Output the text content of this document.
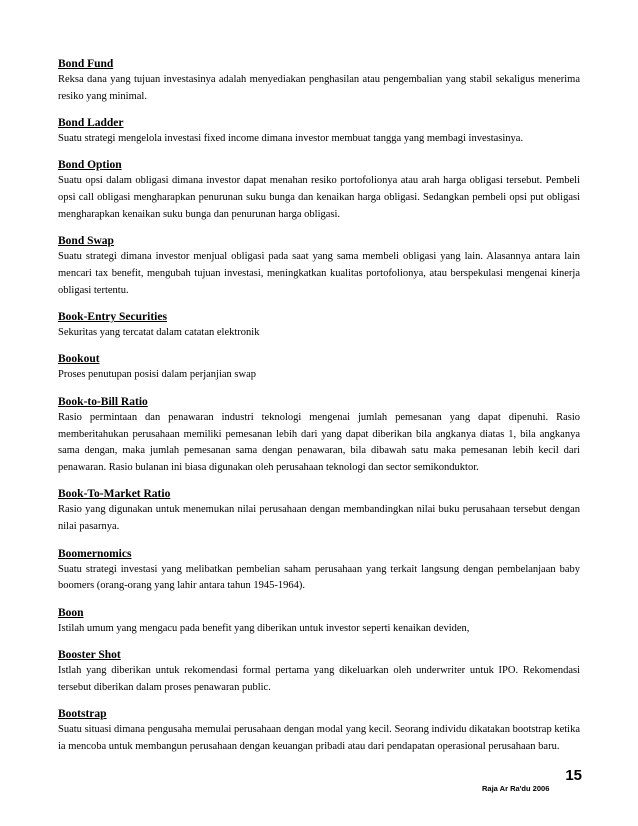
Bond Fund

Reksa dana yang tujuan investasinya adalah menyediakan penghasilan atau pengembalian yang stabil sekaligus menerima resiko yang minimal.

Bond Ladder

Suatu strategi mengelola investasi fixed income dimana investor membuat tangga yang membagi investasinya.

Bond Option

Suatu opsi dalam obligasi dimana investor dapat menahan resiko portofolionya atau arah harga obligasi tersebut. Pembeli opsi call obligasi mengharapkan penurunan suku bunga dan kenaikan harga obligasi. Sedangkan pembeli opsi put obligasi mengharapkan kenaikan suku bunga dan penurunan harga obligasi.

Bond Swap

Suatu strategi dimana investor menjual obligasi pada saat yang sama membeli obligasi yang lain. Alasannya antara lain mencari tax benefit, mengubah tujuan investasi, meningkatkan kualitas portofolionya, atau berspekulasi mengenai kinerja obligasi tertentu.

Book-Entry Securities

Sekuritas yang tercatat dalam catatan elektronik

Bookout

Proses penutupan posisi dalam perjanjian swap

Book-to-Bill Ratio

Rasio permintaan dan penawaran industri teknologi mengenai jumlah pemesanan yang dapat dipenuhi. Rasio memberitahukan perusahaan memiliki pemesanan lebih dari yang dapat diberikan bila angkanya diatas 1, bila angkanya sama dengan, maka jumlah pemesanan sama dengan penawaran, bila dibawah satu maka pemesanan lebih kecil dari penawaran. Rasio bulanan ini biasa digunakan oleh perusahaan teknologi dan sector semikonduktor.

Book-To-Market Ratio

Rasio yang digunakan untuk menemukan nilai perusahaan dengan membandingkan nilai buku perusahaan tersebut dengan nilai pasarnya.

Boomernomics

Suatu strategi investasi yang melibatkan pembelian saham perusahaan yang terkait langsung dengan pembelanjaan baby boomers (orang-orang yang lahir antara tahun 1945-1964).

Boon

Istilah umum yang mengacu pada benefit yang diberikan untuk investor seperti kenaikan deviden,

Booster Shot

Istlah yang diberikan untuk rekomendasi formal pertama yang dikeluarkan oleh underwriter untuk IPO. Rekomendasi tersebut diberikan dalam proses penawaran public.

Bootstrap

Suatu situasi dimana pengusaha memulai perusahaan dengan modal yang kecil. Seorang individu dikatakan bootstrap ketika ia mencoba untuk membangun perusahaan dengan keuangan pribadi atau dari pendapatan operasional perusahaan baru.

15
Raja Ar Ra'du 2006
